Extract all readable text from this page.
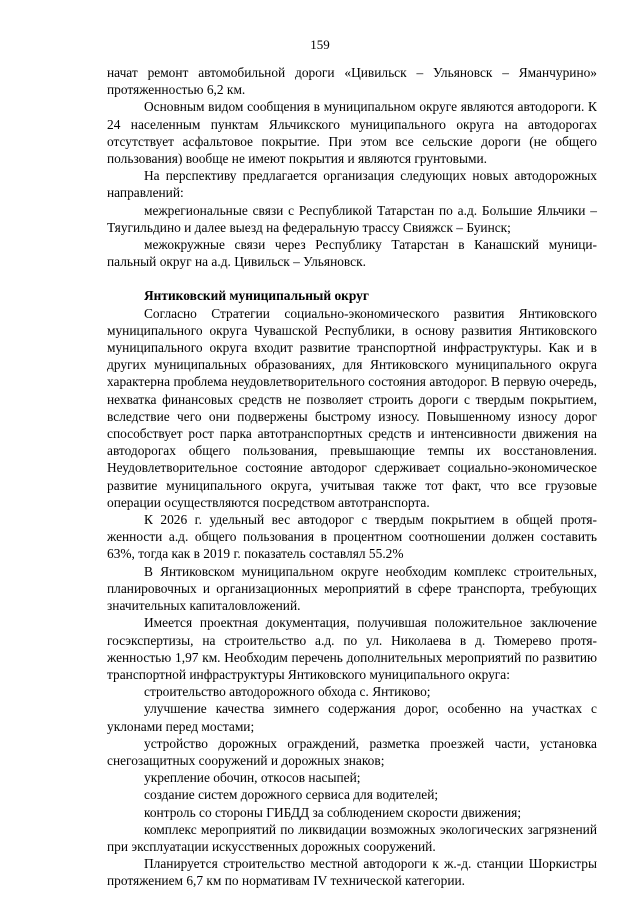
159

начат ремонт автомобильной дороги «Цивильск – Ульяновск – Яманчурино» протяженностью 6,2 км.

Основным видом сообщения в муниципальном округе являются автодороги. К 24 населенным пунктам Яльчикского муниципального округа на автодорогах отсутствует асфальтовое покрытие. При этом все сельские дороги (не общего пользования) вообще не имеют покрытия и являются грунтовыми.

На перспективу предлагается организация следующих новых автодорожных направлений:

межрегиональные связи с Республикой Татарстан по а.д. Большие Яльчики – Тяугильдино и далее выезд на федеральную трассу Свияжск – Буинск;

межокружные связи через Республику Татарстан в Канашский муниципальный округ на а.д. Цивильск – Ульяновск.

Янтиковский муниципальный округ

Согласно Стратегии социально-экономического развития Янтиковского муниципального округа Чувашской Республики, в основу развития Янтиковского муниципального округа входит развитие транспортной инфраструктуры. Как и в других муниципальных образованиях, для Янтиковского муниципального округа характерна проблема неудовлетворительного состояния автодорог. В первую очередь, нехватка финансовых средств не позволяет строить дороги с твердым покрытием, вследствие чего они подвержены быстрому износу. Повышенному износу дорог способствует рост парка автотранспортных средств и интенсивности движения на автодорогах общего пользования, превышающие темпы их восстановления. Неудовлетворительное состояние автодорог сдерживает социально-экономическое развитие муниципального округа, учитывая также тот факт, что все грузовые операции осуществляются посредством автотранспорта.

К 2026 г. удельный вес автодорог с твердым покрытием в общей протяженности а.д. общего пользования в процентном соотношении должен составить 63%, тогда как в 2019 г. показатель составлял 55.2%

В Янтиковском муниципальном округе необходим комплекс строительных, планировочных и организационных мероприятий в сфере транспорта, требующих значительных капиталовложений.

Имеется проектная документация, получившая положительное заключение госэкспертизы, на строительство а.д. по ул. Николаева в д. Тюмерево протяженностью 1,97 км. Необходим перечень дополнительных мероприятий по развитию транспортной инфраструктуры Янтиковского муниципального округа:

строительство автодорожного обхода с. Янтиково;

улучшение качества зимнего содержания дорог, особенно на участках с уклонами перед мостами;

устройство дорожных ограждений, разметка проезжей части, установка снегозащитных сооружений и дорожных знаков;

укрепление обочин, откосов насыпей;

создание систем дорожного сервиса для водителей;

контроль со стороны ГИБДД за соблюдением скорости движения;

комплекс мероприятий по ликвидации возможных экологических загрязнений при эксплуатации искусственных дорожных сооружений.

Планируется строительство местной автодороги к ж.-д. станции Шоркистры протяжением 6,7 км по нормативам IV технической категории.
